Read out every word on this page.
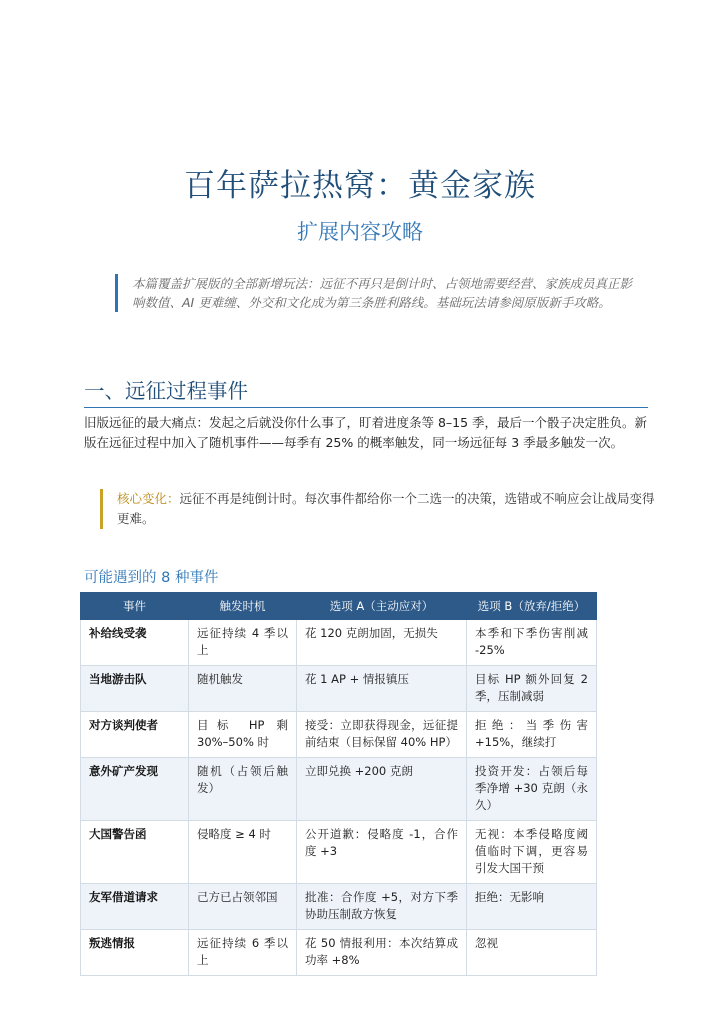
百年萨拉热窝：黄金家族
扩展内容攻略
本篇覆盖扩展版的全部新增玩法：远征不再只是倒计时、占领地需要经营、家族成员真正影响数值、AI 更难缠、外交和文化成为第三条胜利路线。基础玩法请参阅原版新手攻略。
一、远征过程事件
旧版远征的最大痛点：发起之后就没你什么事了，盯着进度条等 8–15 季，最后一个骰子决定胜负。新版在远征过程中加入了随机事件——每季有 25% 的概率触发，同一场远征每 3 季最多触发一次。
核心变化：远征不再是纯倒计时。每次事件都给你一个二选一的决策，选错或不响应会让战局变得更难。
可能遇到的 8 种事件
事件	触发时机	选项 A（主动应对）	选项 B（放弃/拒绝）
补给线受袭	远征持续 4 季以上	花 120 克朗加固，无损失	本季和下季伤害削减 -25%
当地游击队	随机触发	花 1 AP + 情报镇压	目标 HP 额外回复 2 季，压制减弱
对方谈判使者	目标 HP 剩 30%–50% 时	接受：立即获得现金，远征提前结束（目标保留 40% HP）	拒绝：当季伤害 +15%，继续打
意外矿产发现	随机（占领后触发）	立即兑换 +200 克朗	投资开发：占领后每季净增 +30 克朗（永久）
大国警告函	侵略度 ≥ 4 时	公开道歉：侵略度 -1，合作度 +3	无视：本季侵略度阈值临时下调，更容易引发大国干预
友军借道请求	己方已占领邻国	批准：合作度 +5，对方下季协助压制敌方恢复	拒绝：无影响
叛逃情报	远征持续 6 季以上	花 50 情报利用：本次结算成功率 +8%	忽视
